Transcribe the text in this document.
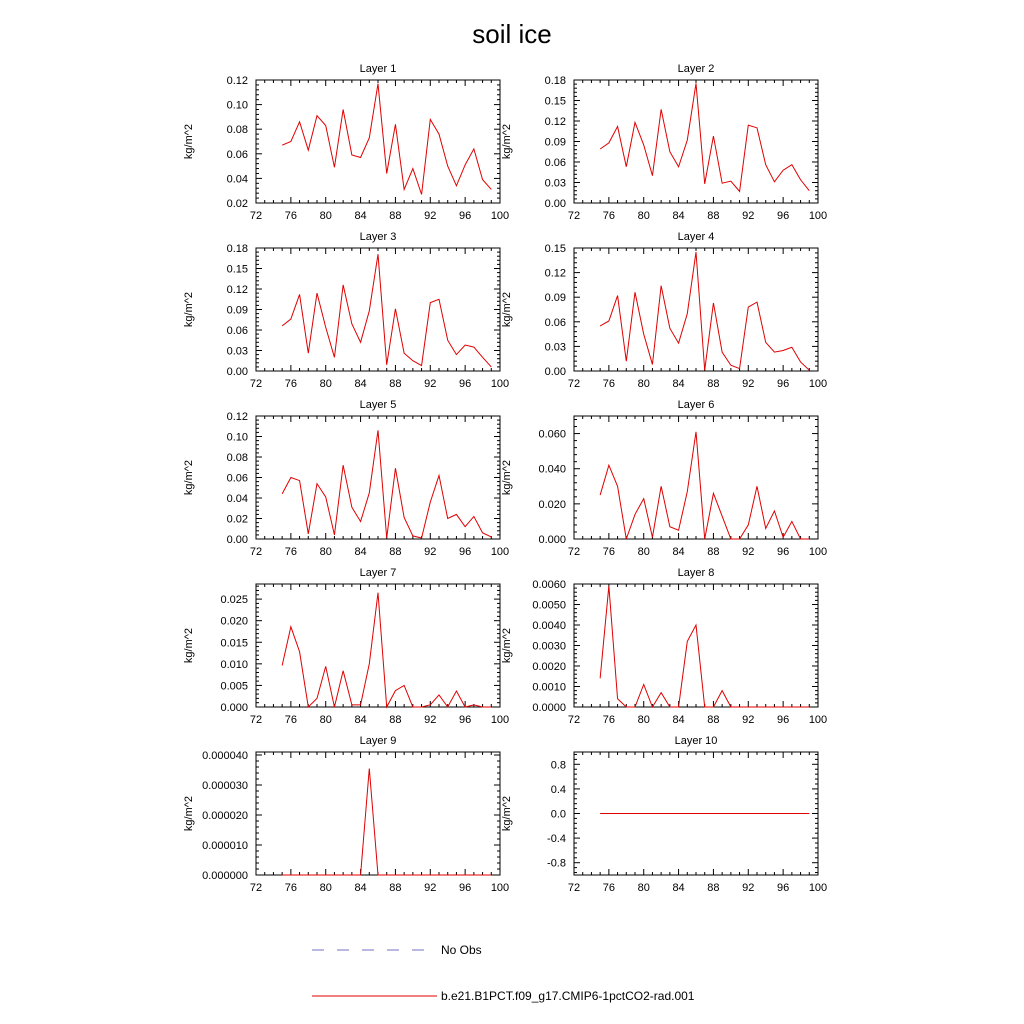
soil ice
Layer 1
kg/m^2
72 76 80 84 88 92 96 100
0.02
0.04
0.06
0.08
0.10
0.12
Layer 2
kg/m^2
72 76 80 84 88 92 96 100
0.00
0.03
0.06
0.09
0.12
0.15
0.18
Layer 3
kg/m^2
72 76 80 84 88 92 96 100
0.00
0.03
0.06
0.09
0.12
0.15
0.18
Layer 4
kg/m^2
72 76 80 84 88 92 96 100
0.00
0.03
0.06
0.09
0.12
0.15
Layer 5
kg/m^2
72 76 80 84 88 92 96 100
0.00
0.02
0.04
0.06
0.08
0.10
0.12
Layer 6
kg/m^2
72 76 80 84 88 92 96 100
0.000
0.020
0.040
0.060
Layer 7
kg/m^2
72 76 80 84 88 92 96 100
0.000
0.005
0.010
0.015
0.020
0.025
Layer 8
kg/m^2
72 76 80 84 88 92 96 100
0.0000
0.0010
0.0020
0.0030
0.0040
0.0050
0.0060
Layer 9
kg/m^2
72 76 80 84 88 92 96 100
0.000000
0.000010
0.000020
0.000030
0.000040
Layer 10
kg/m^2
72 76 80 84 88 92 96 100
-0.8
-0.4
0.0
0.4
0.8
No Obs
b.e21.B1PCT.f09_g17.CMIP6-1pctCO2-rad.001
